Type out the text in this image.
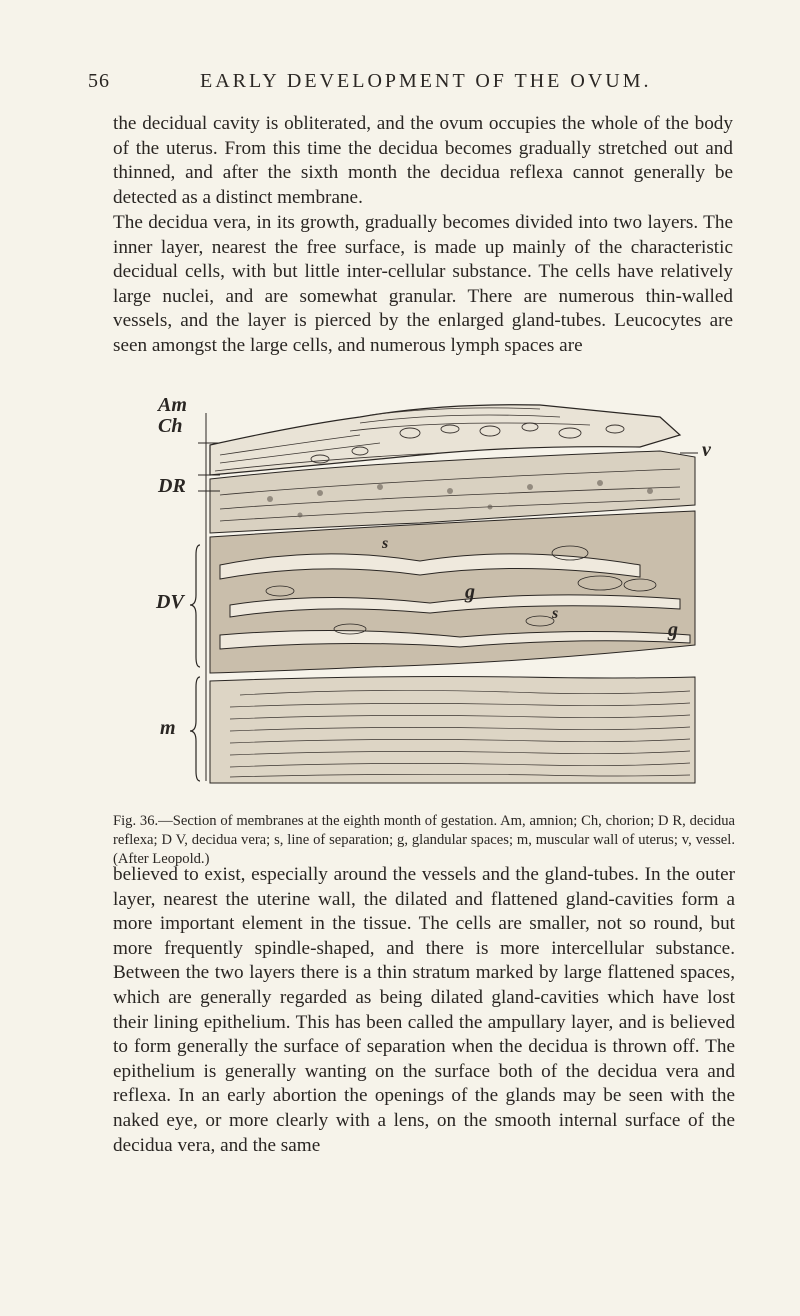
56	EARLY DEVELOPMENT OF THE OVUM.

the decidual cavity is obliterated, and the ovum occupies the whole of the body of the uterus. From this time the decidua becomes gradually stretched out and thinned, and after the sixth month the decidua reflexa cannot generally be detected as a distinct membrane.

The decidua vera, in its growth, gradually becomes divided into two layers. The inner layer, nearest the free surface, is made up mainly of the characteristic decidual cells, with but little inter-cellular substance. The cells have relatively large nuclei, and are somewhat granular. There are numerous thin-walled vessels, and the layer is pierced by the enlarged gland-tubes. Leucocytes are seen amongst the large cells, and numerous lymph spaces are

Am
Ch
DR
DV
m
v
s
s
g
g

Fig. 36.—Section of membranes at the eighth month of gestation. Am, amnion; Ch, chorion; D R, decidua reflexa; D V, decidua vera; s, line of separation; g, glandular spaces; m, muscular wall of uterus; v, vessel. (After Leopold.)

believed to exist, especially around the vessels and the gland-tubes. In the outer layer, nearest the uterine wall, the dilated and flattened gland-cavities form a more important element in the tissue. The cells are smaller, not so round, but more frequently spindle-shaped, and there is more intercellular substance. Between the two layers there is a thin stratum marked by large flattened spaces, which are generally regarded as being dilated gland-cavities which have lost their lining epithelium. This has been called the ampullary layer, and is believed to form generally the surface of separation when the decidua is thrown off. The epithelium is generally wanting on the surface both of the decidua vera and reflexa. In an early abortion the openings of the glands may be seen with the naked eye, or more clearly with a lens, on the smooth internal surface of the decidua vera, and the same
